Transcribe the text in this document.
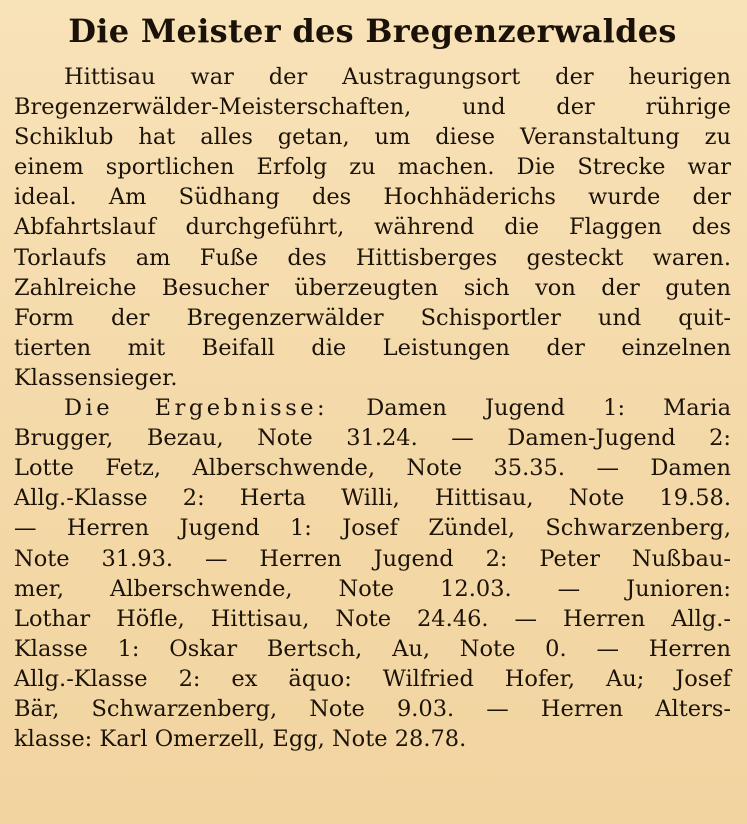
Die Meister des Bregenzerwaldes
Hittisau war der Austragungsort der heurigen
Bregenzerwälder-Meisterschaften, und der rührige
Schiklub hat alles getan, um diese Veranstaltung zu
einem sportlichen Erfolg zu machen. Die Strecke war
ideal. Am Südhang des Hochhäderichs wurde der
Abfahrtslauf durchgeführt, während die Flaggen des
Torlaufs am Fuße des Hittisberges gesteckt waren.
Zahlreiche Besucher überzeugten sich von der guten
Form der Bregenzerwälder Schisportler und quit-
tierten mit Beifall die Leistungen der einzelnen
Klassensieger.
Die Ergebnisse: Damen Jugend 1: Maria
Brugger, Bezau, Note 31.24. — Damen-Jugend 2:
Lotte Fetz, Alberschwende, Note 35.35. — Damen
Allg.-Klasse 2: Herta Willi, Hittisau, Note 19.58.
— Herren Jugend 1: Josef Zündel, Schwarzenberg,
Note 31.93. — Herren Jugend 2: Peter Nußbau-
mer, Alberschwende, Note 12.03. — Junioren:
Lothar Höfle, Hittisau, Note 24.46. — Herren Allg.-
Klasse 1: Oskar Bertsch, Au, Note 0. — Herren
Allg.-Klasse 2: ex äquo: Wilfried Hofer, Au; Josef
Bär, Schwarzenberg, Note 9.03. — Herren Alters-
klasse: Karl Omerzell, Egg, Note 28.78.
